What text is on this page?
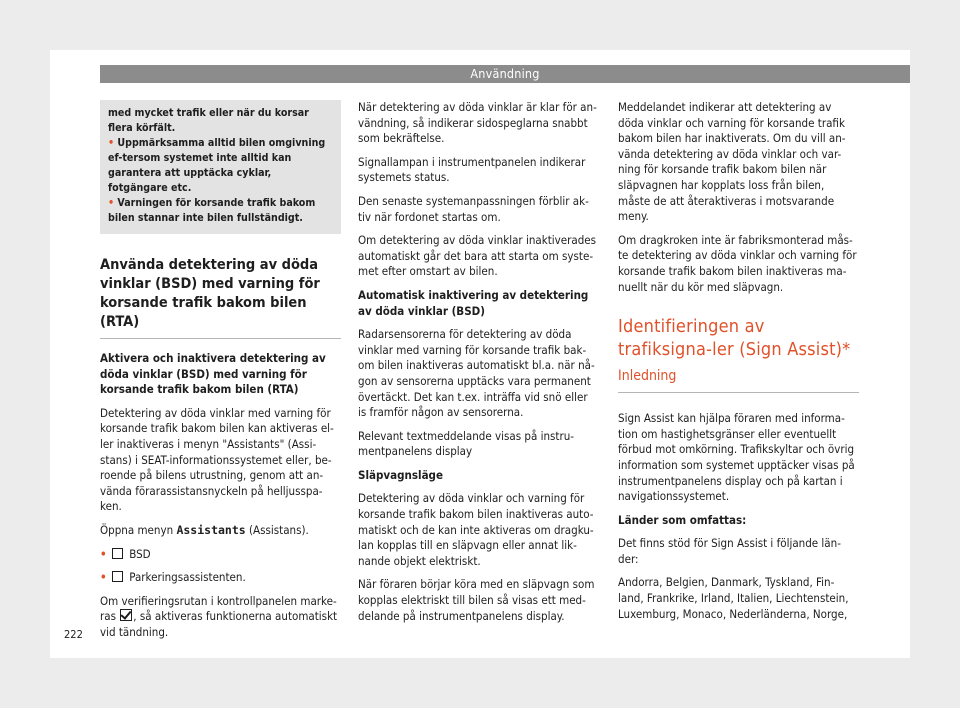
Användning
med mycket trafik eller när du korsar flera körfält.
• Uppmärksamma alltid bilen omgivning ef-tersom systemet inte alltid kan garantera att upptäcka cyklar, fotgängare etc.
• Varningen för korsande trafik bakom bilen stannar inte bilen fullständigt.
Använda detektering av döda vinklar (BSD) med varning för korsande trafik bakom bilen (RTA)

Aktivera och inaktivera detektering av döda vinklar (BSD) med varning för korsande trafik bakom bilen (RTA)

Detektering av döda vinklar med varning för korsande trafik bakom bilen kan aktiveras el-ler inaktiveras i menyn "Assistants" (Assi-stans) i SEAT-informationssystemet eller, be-roende på bilens utrustning, genom att an-vända förarassistansnyckeln på helljusspa-ken.

Öppna menyn Assistants (Assistans).

• BSD

• Parkeringsassistenten.

Om verifieringsrutan i kontrollpanelen marke-ras , så aktiveras funktionerna automatiskt vid tändning.

När detektering av döda vinklar är klar för an-vändning, så indikerar sidospeglarna snabbt som bekräftelse.

Signallampan i instrumentpanelen indikerar systemets status.

Den senaste systemanpassningen förblir ak-tiv när fordonet startas om.

Om detektering av döda vinklar inaktiverades automatiskt går det bara att starta om syste-met efter omstart av bilen.

Automatisk inaktivering av detektering av döda vinklar (BSD)

Radarsensorerna för detektering av döda vinklar med varning för korsande trafik bak-om bilen inaktiveras automatiskt bl.a. när nå-gon av sensorerna upptäcks vara permanent övertäckt. Det kan t.ex. inträffa vid snö eller is framför någon av sensorerna.

Relevant textmeddelande visas på instru-mentpanelens display

Släpvagnsläge

Detektering av döda vinklar och varning för korsande trafik bakom bilen inaktiveras auto-matiskt och de kan inte aktiveras om dragku-lan kopplas till en släpvagn eller annat lik-nande objekt elektriskt.

När föraren börjar köra med en släpvagn som kopplas elektriskt till bilen så visas ett med-delande på instrumentpanelens display.

Meddelandet indikerar att detektering av döda vinklar och varning för korsande trafik bakom bilen har inaktiverats. Om du vill an-vända detektering av döda vinklar och var-ning för korsande trafik bakom bilen när släpvagnen har kopplats loss från bilen, måste de att återaktiveras i motsvarande meny.

Om dragkroken inte är fabriksmonterad mås-te detektering av döda vinklar och varning för korsande trafik bakom bilen inaktiveras ma-nuellt när du kör med släpvagn.

Identifieringen av trafiksigna-ler (Sign Assist)*
Inledning

Sign Assist kan hjälpa föraren med informa-tion om hastighetsgränser eller eventuellt förbud mot omkörning. Trafikskyltar och övrig information som systemet upptäcker visas på instrumentpanelens display och på kartan i navigationssystemet.

Länder som omfattas:

Det finns stöd för Sign Assist i följande län-der:

Andorra, Belgien, Danmark, Tyskland, Fin-land, Frankrike, Irland, Italien, Liechtenstein, Luxemburg, Monaco, Nederländerna, Norge,

222
